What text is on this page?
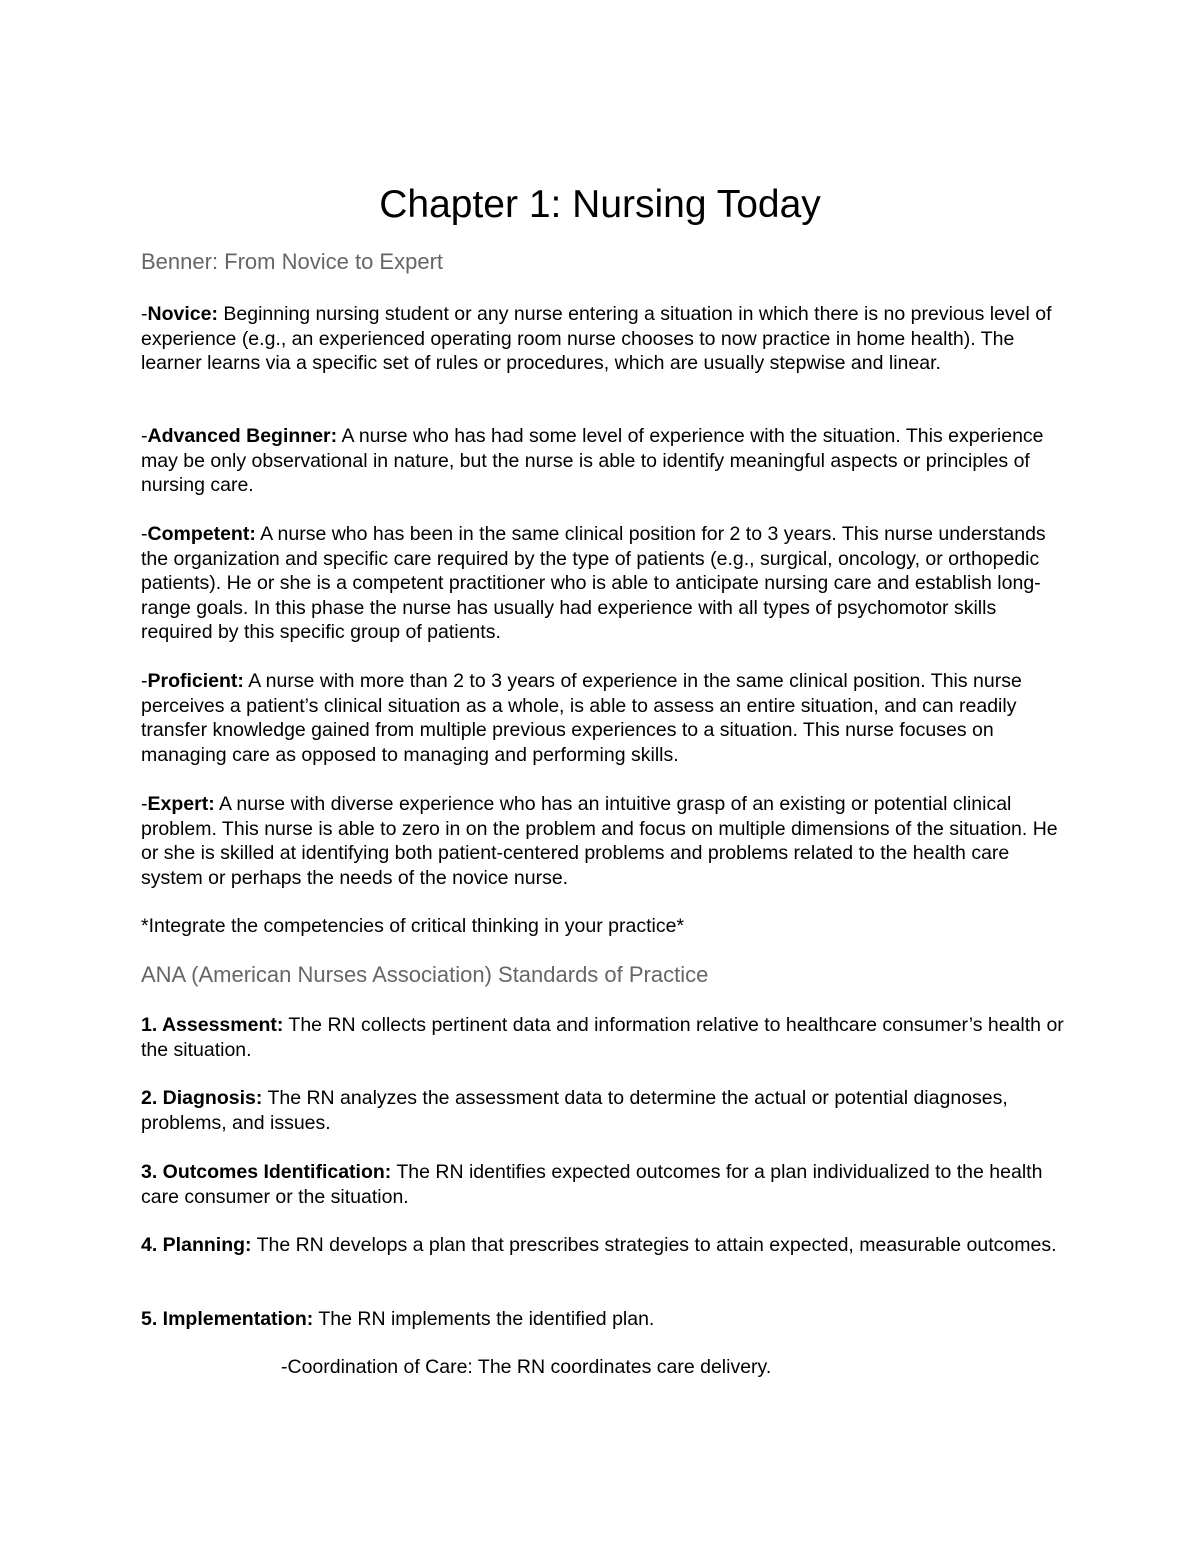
Chapter 1: Nursing Today

Benner: From Novice to Expert

-Novice: Beginning nursing student or any nurse entering a situation in which there is no previous level of experience (e.g., an experienced operating room nurse chooses to now practice in home health). The learner learns via a specific set of rules or procedures, which are usually stepwise and linear.

-Advanced Beginner: A nurse who has had some level of experience with the situation. This experience may be only observational in nature, but the nurse is able to identify meaningful aspects or principles of nursing care.

-Competent: A nurse who has been in the same clinical position for 2 to 3 years. This nurse understands the organization and specific care required by the type of patients (e.g., surgical, oncology, or orthopedic patients). He or she is a competent practitioner who is able to anticipate nursing care and establish long-range goals. In this phase the nurse has usually had experience with all types of psychomotor skills required by this specific group of patients.

-Proficient: A nurse with more than 2 to 3 years of experience in the same clinical position. This nurse perceives a patient’s clinical situation as a whole, is able to assess an entire situation, and can readily transfer knowledge gained from multiple previous experiences to a situation. This nurse focuses on managing care as opposed to managing and performing skills.

-Expert: A nurse with diverse experience who has an intuitive grasp of an existing or potential clinical problem. This nurse is able to zero in on the problem and focus on multiple dimensions of the situation. He or she is skilled at identifying both patient-centered problems and problems related to the health care system or perhaps the needs of the novice nurse.

*Integrate the competencies of critical thinking in your practice*

ANA (American Nurses Association) Standards of Practice

1. Assessment: The RN collects pertinent data and information relative to healthcare consumer’s health or the situation.

2. Diagnosis: The RN analyzes the assessment data to determine the actual or potential diagnoses, problems, and issues.

3. Outcomes Identification: The RN identifies expected outcomes for a plan individualized to the health care consumer or the situation.

4. Planning: The RN develops a plan that prescribes strategies to attain expected, measurable outcomes.

5. Implementation: The RN implements the identified plan.

-Coordination of Care: The RN coordinates care delivery.
